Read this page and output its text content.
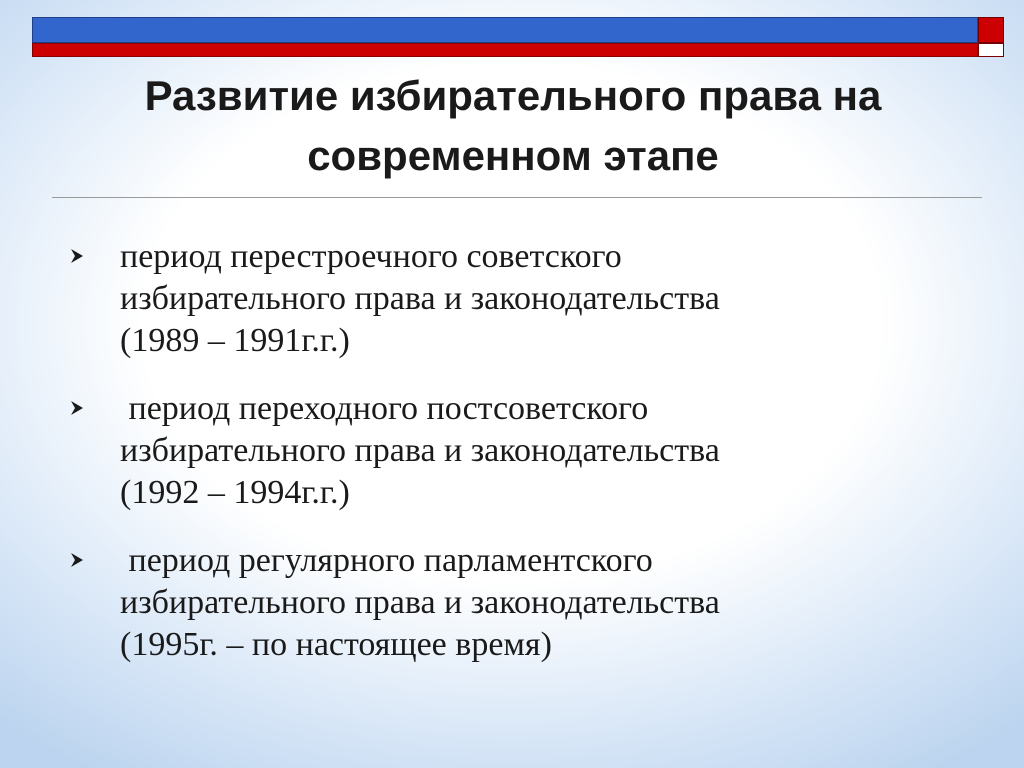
Развитие избирательного права на
современном этапе
период перестроечного советского
избирательного права и законодательства
(1989 – 1991г.г.)
период переходного постсоветского
избирательного права и законодательства
(1992 – 1994г.г.)
период регулярного парламентского
избирательного права и законодательства
(1995г. – по настоящее время)
